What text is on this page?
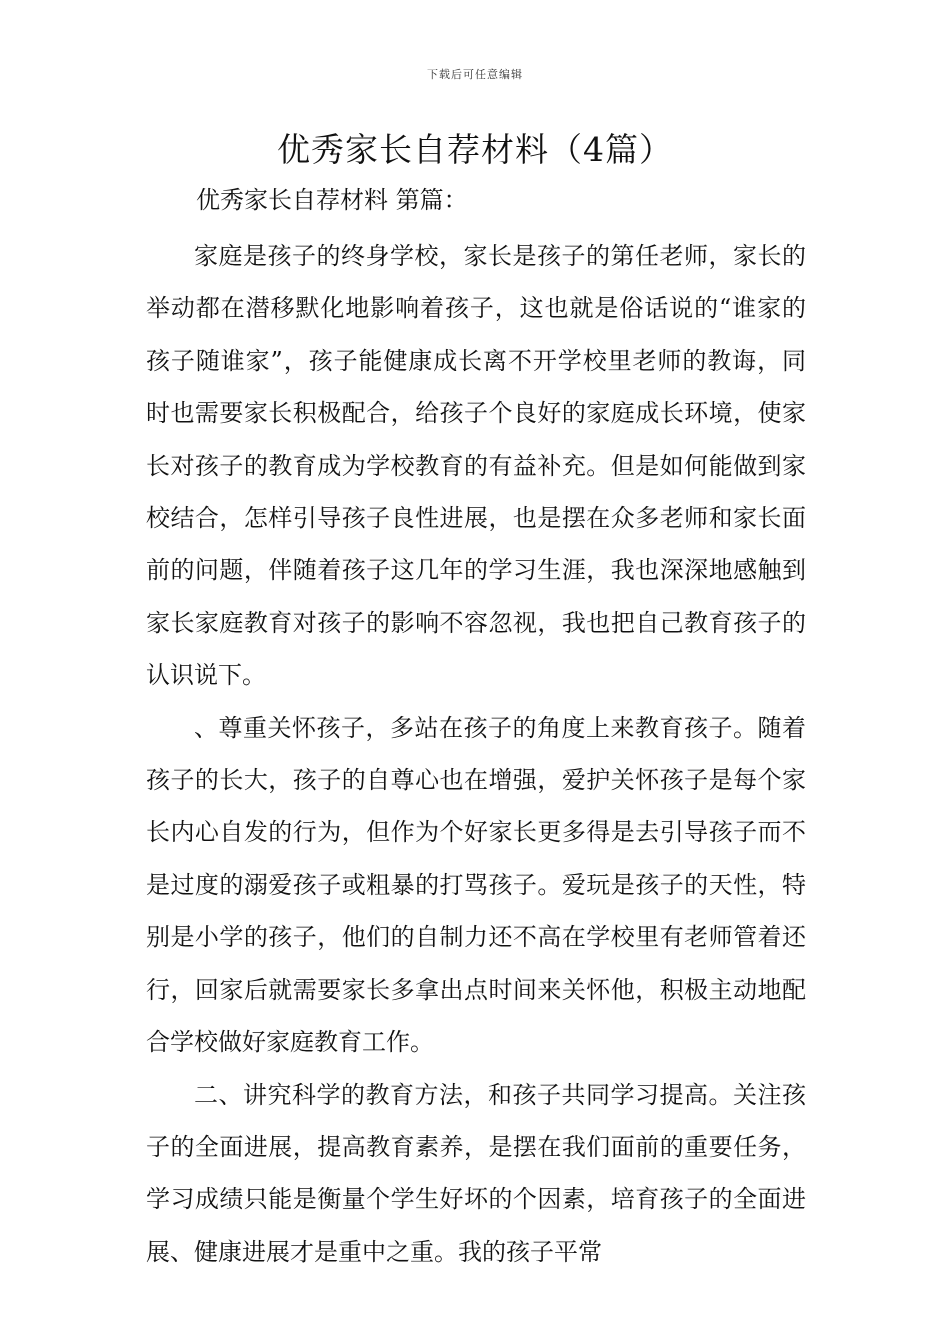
下载后可任意编辑
优秀家长自荐材料（4篇）
优秀家长自荐材料 第篇：

家庭是孩子的终身学校，家长是孩子的第任老师，家长的举动都在潜移默化地影响着孩子，这也就是俗话说的“谁家的孩子随谁家”，孩子能健康成长离不开学校里老师的教诲，同时也需要家长积极配合，给孩子个良好的家庭成长环境，使家长对孩子的教育成为学校教育的有益补充。但是如何能做到家校结合，怎样引导孩子良性进展，也是摆在众多老师和家长面前的问题，伴随着孩子这几年的学习生涯，我也深深地感触到家长家庭教育对孩子的影响不容忽视，我也把自己教育孩子的认识说下。

、尊重关怀孩子，多站在孩子的角度上来教育孩子。随着孩子的长大，孩子的自尊心也在增强，爱护关怀孩子是每个家长内心自发的行为，但作为个好家长更多得是去引导孩子而不是过度的溺爱孩子或粗暴的打骂孩子。爱玩是孩子的天性，特别是小学的孩子，他们的自制力还不高在学校里有老师管着还行，回家后就需要家长多拿出点时间来关怀他，积极主动地配合学校做好家庭教育工作。

二、讲究科学的教育方法，和孩子共同学习提高。关注孩子的全面进展，提高教育素养，是摆在我们面前的重要任务，学习成绩只能是衡量个学生好坏的个因素，培育孩子的全面进展、健康进展才是重中之重。我的孩子平常
